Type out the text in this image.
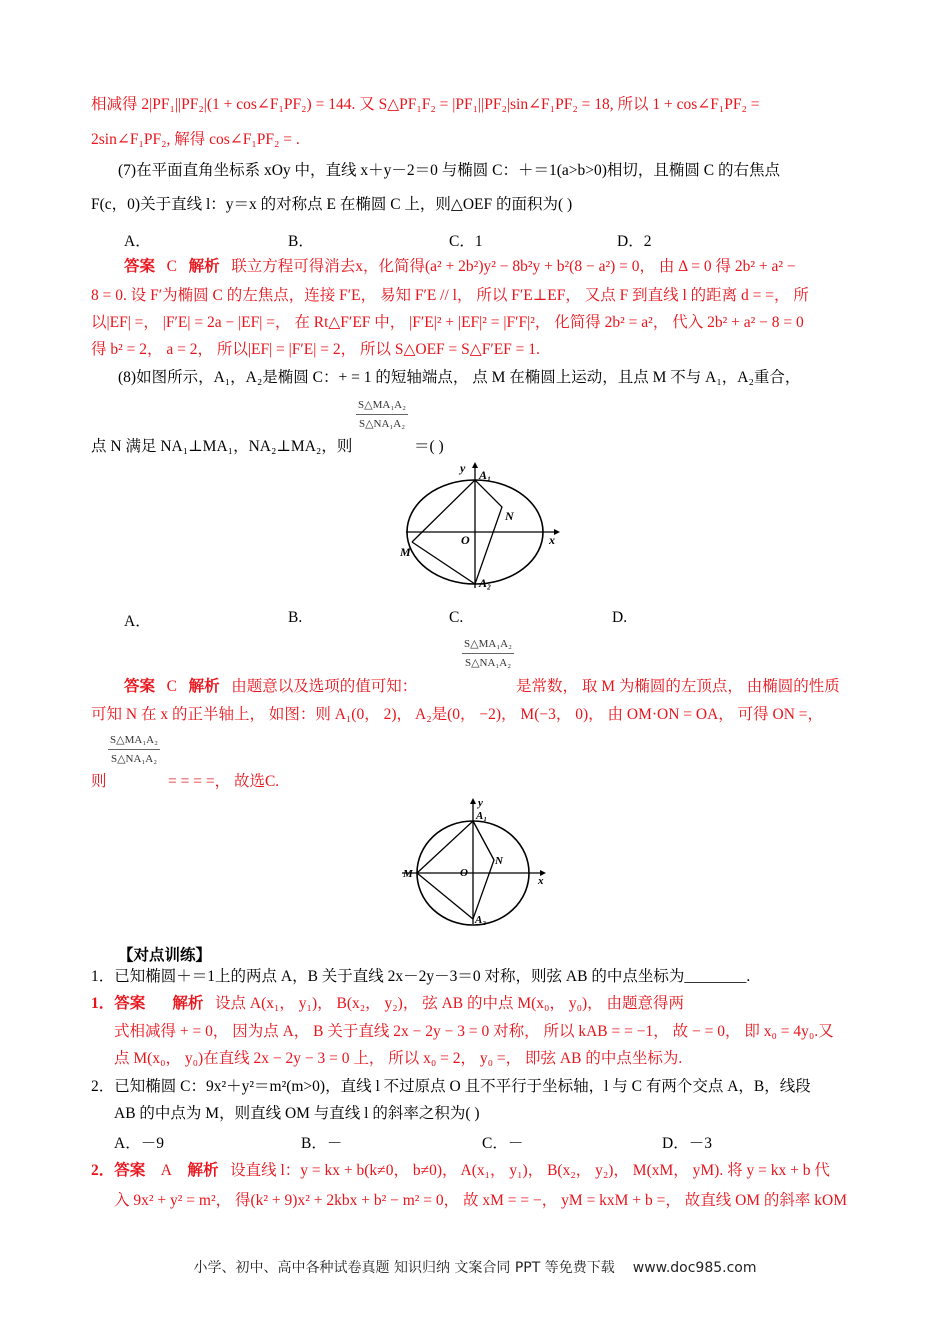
相减得 2|PF₁||PF₂|(1 + cos∠F₁PF₂) = 144. 又 S△PF₁F₂ = |PF₁||PF₂|sin∠F₁PF₂ = 18, 所以 1 + cos∠F₁PF₂ =
2sin∠F₁PF₂, 解得 cos∠F₁PF₂ = .
(7)在平面直角坐标系 xOy 中，直线 x＋y－2＝0 与椭圆 C：＋＝1(a>b>0)相切，且椭圆 C 的右焦点
F(c，0)关于直线 l：y＝x 的对称点 E 在椭圆 C 上，则△OEF 的面积为( )
A．	B．	C．1	D．2
答案 C 解析 联立方程可得消去x，化简得(a² + 2b²)y² − 8b²y + b²(8 − a²) = 0， 由 Δ = 0 得 2b² + a² −
8 = 0. 设 F′为椭圆 C 的左焦点，连接 F′E， 易知 F′E // l， 所以 F′E⊥EF， 又点 F 到直线 l 的距离 d = =， 所
以|EF| =， |F′E| = 2a − |EF| =， 在 Rt△F′EF 中， |F′E|² + |EF|² = |F′F|²， 化简得 2b² = a²， 代入 2b² + a² − 8 = 0
得 b² = 2， a = 2， 所以|EF| = |F′E| = 2， 所以 S△OEF = S△F′EF = 1.
(8)如图所示，A₁，A₂是椭圆 C：+ = 1 的短轴端点， 点 M 在椭圆上运动，且点 M 不与 A₁，A₂重合，
S△MA₁A₂
S△NA₁A₂
点 N 满足 NA₁⊥MA₁，NA₂⊥MA₂，则	＝( )
A₁
N
O
M
A₂
y
x
A．	B.	C.	D.
S△MA₁A₂
S△NA₁A₂
答案 C 解析 由题意以及选项的值可知：	是常数， 取 M 为椭圆的左顶点， 由椭圆的性质
可知 N 在 x 的正半轴上， 如图：则 A₁(0， 2)， A₂是(0， −2)， M(−3， 0)， 由 OM·ON = OA， 可得 ON =，
S△MA₁A₂
S△NA₁A₂
则	= = = =， 故选C.
A₁
N
O
M
A₂
y
x
【对点训练】
1．已知椭圆＋＝1上的两点 A，B 关于直线 2x－2y－3＝0 对称，则弦 AB 的中点坐标为________.
1．答案 解析 设点 A(x₁， y₁)， B(x₂， y₂)， 弦 AB 的中点 M(x₀， y₀)， 由题意得两
式相减得 + = 0， 因为点 A， B 关于直线 2x − 2y − 3 = 0 对称， 所以 kAB = = −1， 故 − = 0， 即 x₀ = 4y₀.又
点 M(x₀， y₀)在直线 2x − 2y − 3 = 0 上， 所以 x₀ = 2， y₀ =， 即弦 AB 的中点坐标为.
2．已知椭圆 C：9x²＋y²＝m²(m>0)，直线 l 不过原点 O 且不平行于坐标轴，l 与 C 有两个交点 A，B，线段
AB 的中点为 M，则直线 OM 与直线 l 的斜率之积为( )
A．－9	B．－	C．－	D．－3
2．答案 A 解析 设直线 l：y = kx + b(k≠0， b≠0)， A(x₁， y₁)， B(x₂， y₂)， M(xM， yM). 将 y = kx + b 代
入 9x² + y² = m²， 得(k² + 9)x² + 2kbx + b² − m² = 0， 故 xM = = −， yM = kxM + b =， 故直线 OM 的斜率 kOM
小学、初中、高中各种试卷真题 知识归纳 文案合同 PPT 等免费下载 www.doc985.com
